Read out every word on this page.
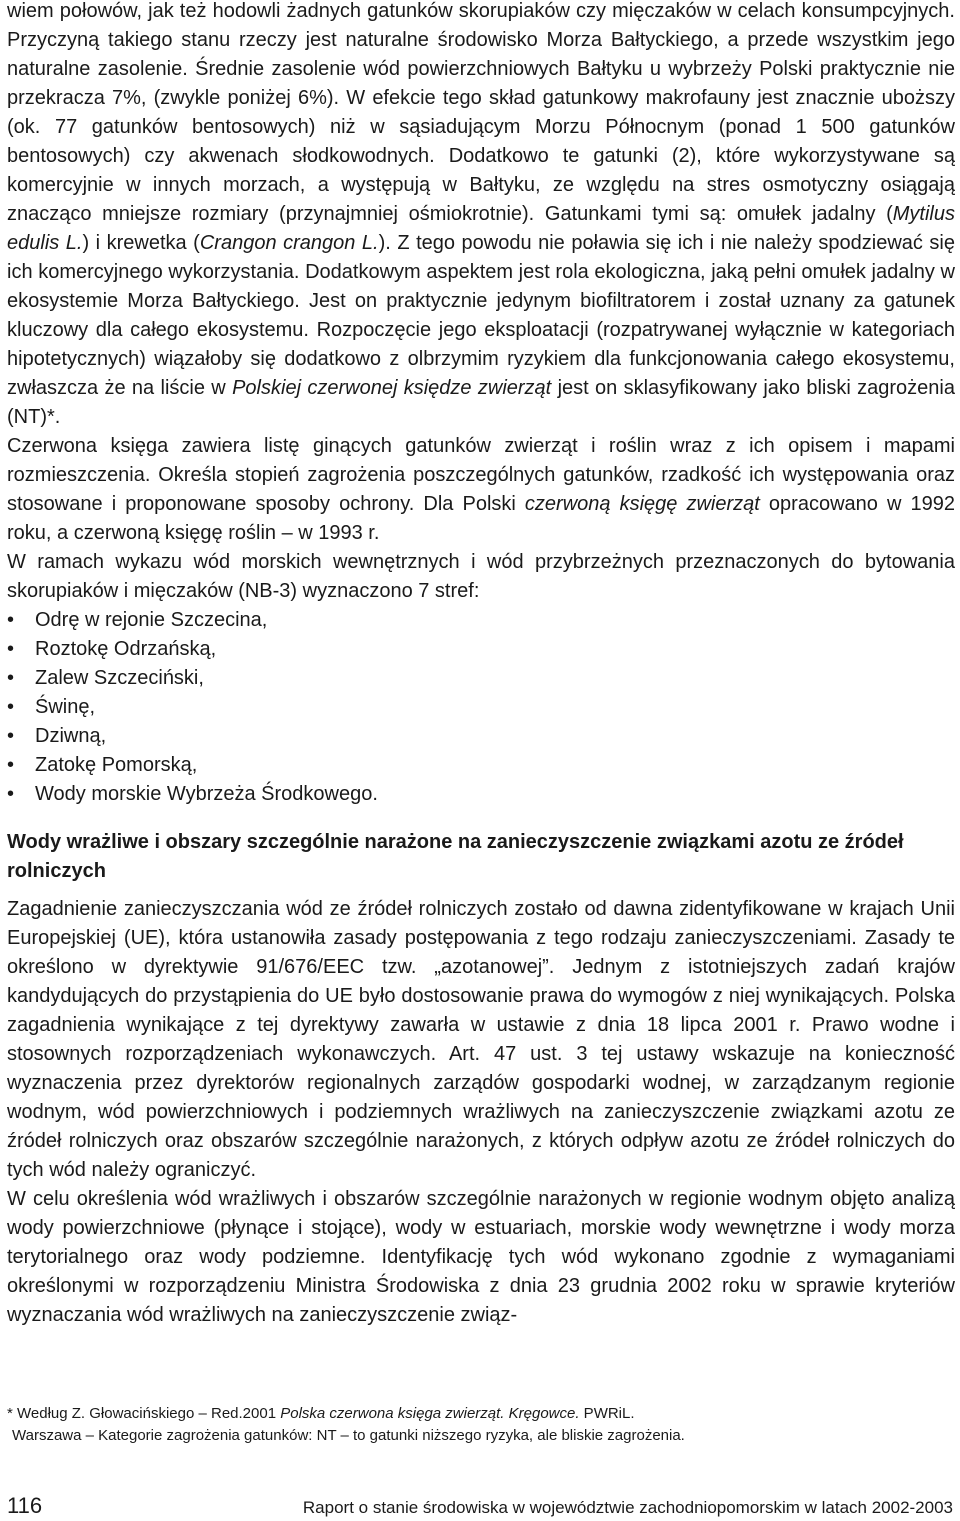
wiem połowów, jak też hodowli żadnych gatunków skorupiaków czy mięczaków w celach konsumpcyjnych. Przyczyną takiego stanu rzeczy jest naturalne środowisko Morza Bałtyckiego, a przede wszystkim jego naturalne zasolenie. Średnie zasolenie wód powierzchniowych Bałtyku u wybrzeży Polski praktycznie nie przekracza 7%, (zwykle poniżej 6%). W efekcie tego skład gatunkowy makrofauny jest znacznie uboższy (ok. 77 gatunków bentosowych) niż w sąsiadującym Morzu Północnym (ponad 1 500 gatunków bentosowych) czy akwenach słodkowodnych. Dodatkowo te gatunki (2), które wykorzystywane są komercyjnie w innych morzach, a występują w Bałtyku, ze względu na stres osmotyczny osiągają znacząco mniejsze rozmiary (przynajmniej ośmiokrotnie). Gatunkami tymi są: omułek jadalny (Mytilus edulis L.) i krewetka (Crangon crangon L.). Z tego powodu nie poławia się ich i nie należy spodziewać się ich komercyjnego wykorzystania. Dodatkowym aspektem jest rola ekologiczna, jaką pełni omułek jadalny w ekosystemie Morza Bałtyckiego. Jest on praktycznie jedynym biofiltratorem i został uznany za gatunek kluczowy dla całego ekosystemu. Rozpoczęcie jego eksploatacji (rozpatrywanej wyłącznie w kategoriach hipotetycznych) wiązałoby się dodatkowo z olbrzymim ryzykiem dla funkcjonowania całego ekosystemu, zwłaszcza że na liście w Polskiej czerwonej księdze zwierząt jest on sklasyfikowany jako bliski zagrożenia (NT)*.

Czerwona księga zawiera listę ginących gatunków zwierząt i roślin wraz z ich opisem i mapami rozmieszczenia. Określa stopień zagrożenia poszczególnych gatunków, rzadkość ich występowania oraz stosowane i proponowane sposoby ochrony. Dla Polski czerwoną księgę zwierząt opracowano w 1992 roku, a czerwoną księgę roślin – w 1993 r.

W ramach wykazu wód morskich wewnętrznych i wód przybrzeżnych przeznaczonych do bytowania skorupiaków i mięczaków (NB-3) wyznaczono 7 stref:

• Odrę w rejonie Szczecina,
• Roztokę Odrzańską,
• Zalew Szczeciński,
• Świnę,
• Dziwną,
• Zatokę Pomorską,
• Wody morskie Wybrzeża Środkowego.
Wody wrażliwe i obszary szczególnie narażone na zanieczyszczenie związkami azotu ze źródeł rolniczych

Zagadnienie zanieczyszczania wód ze źródeł rolniczych zostało od dawna zidentyfikowane w krajach Unii Europejskiej (UE), która ustanowiła zasady postępowania z tego rodzaju zanieczyszczeniami. Zasady te określono w dyrektywie 91/676/EEC tzw. „azotanowej”. Jednym z istotniejszych zadań krajów kandydujących do przystąpienia do UE było dostosowanie prawa do wymogów z niej wynikających. Polska zagadnienia wynikające z tej dyrektywy zawarła w ustawie z dnia 18 lipca 2001 r. Prawo wodne i stosownych rozporządzeniach wykonawczych. Art. 47 ust. 3 tej ustawy wskazuje na konieczność wyznaczenia przez dyrektorów regionalnych zarządów gospodarki wodnej, w zarządzanym regionie wodnym, wód powierzchniowych i podziemnych wrażliwych na zanieczyszczenie związkami azotu ze źródeł rolniczych oraz obszarów szczególnie narażonych, z których odpływ azotu ze źródeł rolniczych do tych wód należy ograniczyć.

W celu określenia wód wrażliwych i obszarów szczególnie narażonych w regionie wodnym objęto analizą wody powierzchniowe (płynące i stojące), wody w estuariach, morskie wody wewnętrzne i wody morza terytorialnego oraz wody podziemne. Identyfikację tych wód wykonano zgodnie z wymaganiami określonymi w rozporządzeniu Ministra Środowiska z dnia 23 grudnia 2002 roku w sprawie kryteriów wyznaczania wód wrażliwych na zanieczyszczenie związ-

* Według Z. Głowacińskiego – Red.2001 Polska czerwona księga zwierząt. Kręgowce. PWRiL.

Warszawa – Kategorie zagrożenia gatunków: NT – to gatunki niższego ryzyka, ale bliskie zagrożenia.

116	Raport o stanie środowiska w województwie zachodniopomorskim w latach 2002-2003
